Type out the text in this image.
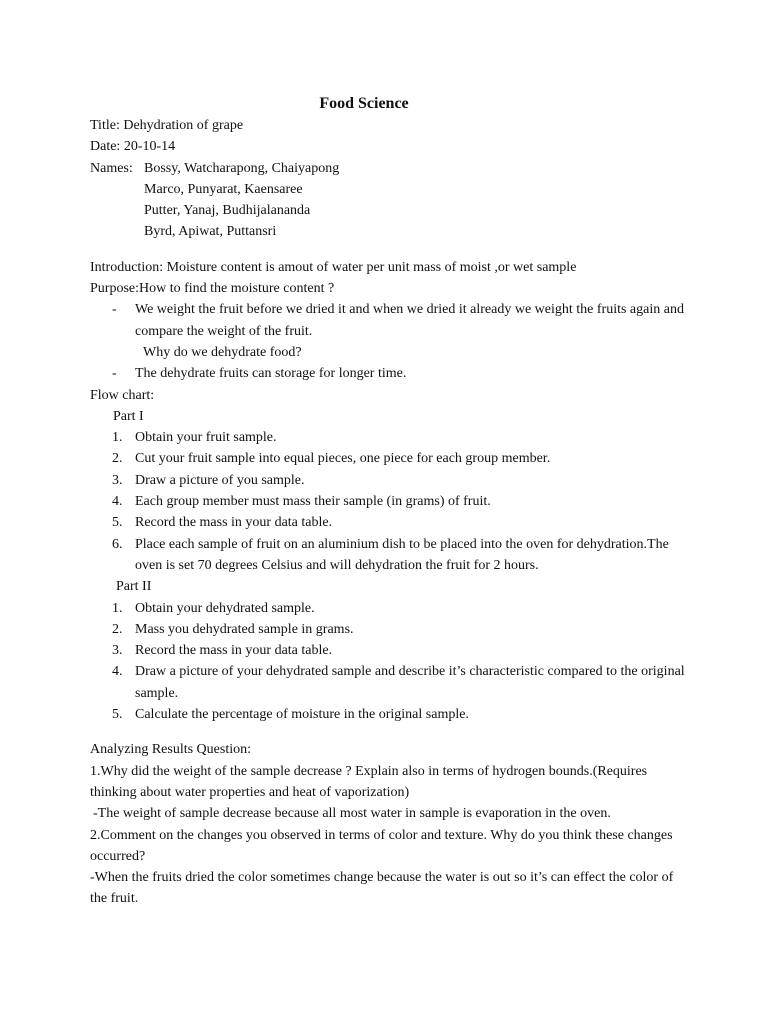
Food Science
Title: Dehydration of grape
Date: 20-10-14
Names: Bossy, Watcharapong, Chaiyapong
Marco, Punyarat, Kaensaree
Putter, Yanaj, Budhijalananda
Byrd, Apiwat, Puttansri
Introduction: Moisture content is amout of water per unit mass of moist ,or wet sample
Purpose:How to find the moisture content ?
- We weight the fruit before we dried it and when we dried it already we weight the fruits again and compare the weight of the fruit.
Why do we dehydrate food?
- The dehydrate fruits can storage for longer time.
Flow chart:
Part I
1. Obtain your fruit sample.
2. Cut your fruit sample into equal pieces, one piece for each group member.
3. Draw a picture of you sample.
4. Each group member must mass their sample (in grams) of fruit.
5. Record the mass in your data table.
6. Place each sample of fruit on an aluminium dish to be placed into the oven for dehydration.The oven is set 70 degrees Celsius and will dehydration the fruit for 2 hours.
Part II
1. Obtain your dehydrated sample.
2. Mass you dehydrated sample in grams.
3. Record the mass in your data table.
4. Draw a picture of your dehydrated sample and describe it’s characteristic compared to the original sample.
5. Calculate the percentage of moisture in the original sample.
Analyzing Results Question:
1.Why did the weight of the sample decrease ? Explain also in terms of hydrogen bounds.(Requires thinking about water properties and heat of vaporization)
-The weight of sample decrease because all most water in sample is evaporation in the oven.
2.Comment on the changes you observed in terms of color and texture. Why do you think these changes occurred?
-When the fruits dried the color sometimes change because the water is out so it’s can effect the color of the fruit.
